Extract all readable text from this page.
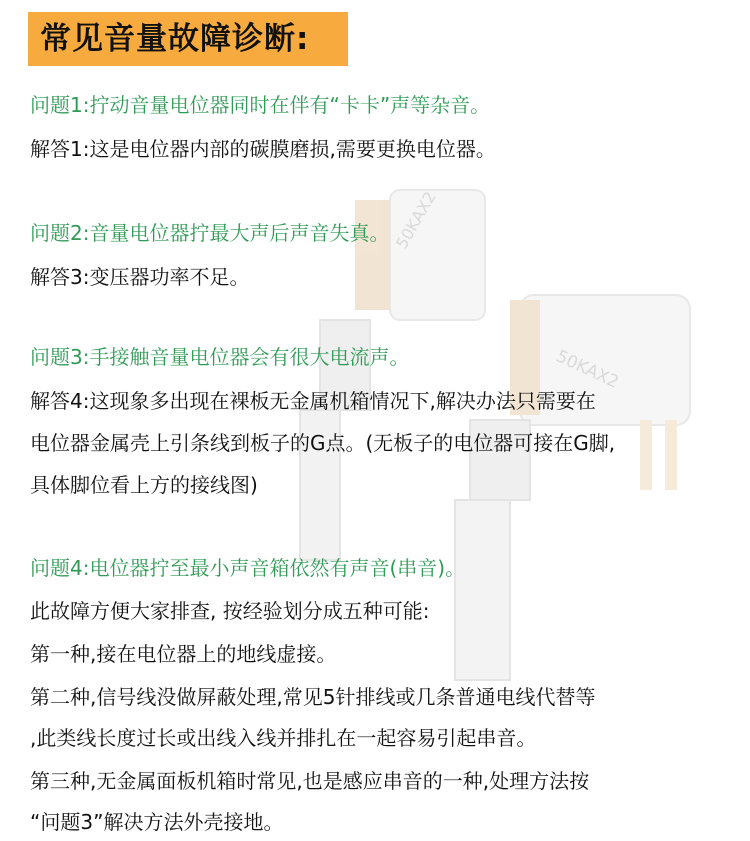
50KAX2
50KAX2
常见音量故障诊断:
问题1:拧动音量电位器同时在伴有“卡卡”声等杂音。
解答1:这是电位器内部的碳膜磨损,需要更换电位器。
问题2:音量电位器拧最大声后声音失真。
解答3:变压器功率不足。
问题3:手接触音量电位器会有很大电流声。
解答4:这现象多出现在裸板无金属机箱情况下,解决办法只需要在
电位器金属壳上引条线到板子的G点。(无板子的电位器可接在G脚,
具体脚位看上方的接线图)
问题4:电位器拧至最小声音箱依然有声音(串音)。
此故障方便大家排查, 按经验划分成五种可能:
第一种,接在电位器上的地线虚接。
第二种,信号线没做屏蔽处理,常见5针排线或几条普通电线代替等
,此类线长度过长或出线入线并排扎在一起容易引起串音。
第三种,无金属面板机箱时常见,也是感应串音的一种,处理方法按
“问题3”解决方法外壳接地。
